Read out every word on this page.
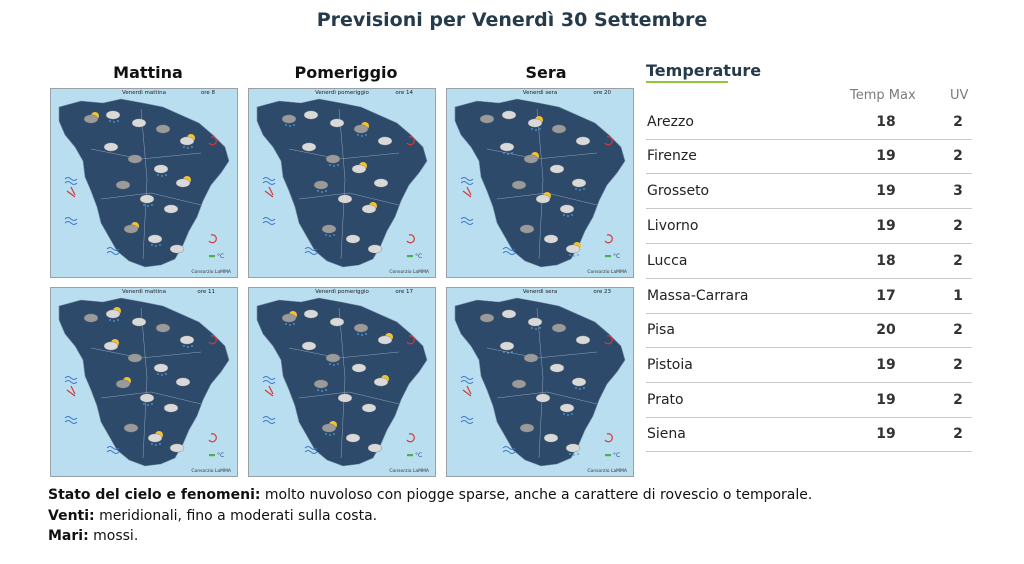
Previsioni per Venerdì 30 Settembre
Mattina	Pomeriggio	Sera
°C
Venerdì mattina	ore 8
Consorzio LaMMA
°C
Venerdì pomeriggio	ore 14
Consorzio LaMMA
°C
Venerdì sera	ore 20
Consorzio LaMMA
°C
Venerdì mattina	ore 11
Consorzio LaMMA
°C
Venerdì pomeriggio	ore 17
Consorzio LaMMA
°C
Venerdì sera	ore 23
Consorzio LaMMA
Temperature
Temp Max	UV
Arezzo	18	2
Firenze	19	2
Grosseto	19	3
Livorno	19	2
Lucca	18	2
Massa-Carrara	17	1
Pisa	20	2
Pistoia	19	2
Prato	19	2
Siena	19	2
Stato del cielo e fenomeni: molto nuvoloso con piogge sparse, anche a carattere di rovescio o temporale.
Venti: meridionali, fino a moderati sulla costa.
Mari: mossi.
